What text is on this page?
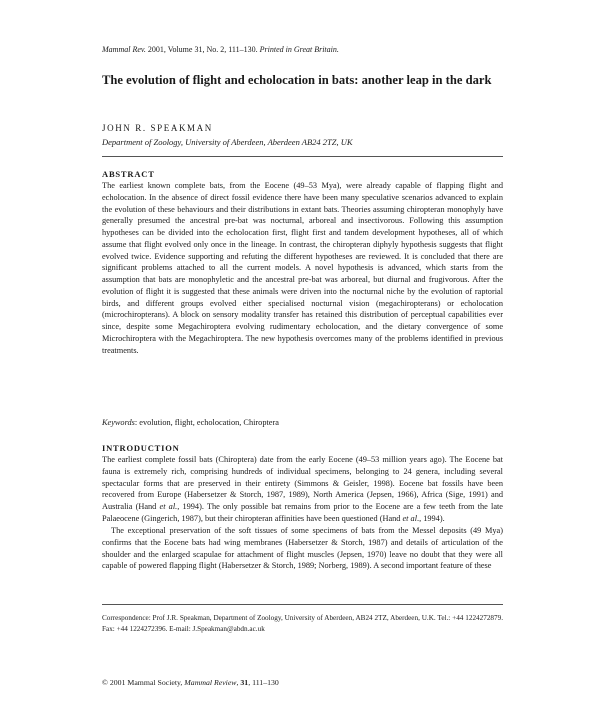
Mammal Rev. 2001, Volume 31, No. 2, 111–130. Printed in Great Britain.
The evolution of flight and echolocation in bats: another leap in the dark
JOHN R. SPEAKMAN
Department of Zoology, University of Aberdeen, Aberdeen AB24 2TZ, UK
ABSTRACT

The earliest known complete bats, from the Eocene (49–53 Mya), were already capable of flapping flight and echolocation. In the absence of direct fossil evidence there have been many speculative scenarios advanced to explain the evolution of these behaviours and their distributions in extant bats. Theories assuming chiropteran monophyly have generally presumed the ancestral pre-bat was nocturnal, arboreal and insectivorous. Following this assumption hypotheses can be divided into the echolocation first, flight first and tandem development hypotheses, all of which assume that flight evolved only once in the lineage. In contrast, the chiropteran diphyly hypothesis suggests that flight evolved twice. Evidence supporting and refuting the different hypotheses are reviewed. It is concluded that there are significant problems attached to all the current models. A novel hypothesis is advanced, which starts from the assumption that bats are monophyletic and the ancestral pre-bat was arboreal, but diurnal and frugivorous. After the evolution of flight it is suggested that these animals were driven into the nocturnal niche by the evolution of raptorial birds, and different groups evolved either specialised nocturnal vision (megachiropterans) or echolocation (microchiropterans). A block on sensory modality transfer has retained this distribution of perceptual capabilities ever since, despite some Megachiroptera evolving rudimentary echolocation, and the dietary convergence of some Microchiroptera with the Megachiroptera. The new hypothesis overcomes many of the problems identified in previous treatments.

Keywords: evolution, flight, echolocation, Chiroptera
INTRODUCTION

The earliest complete fossil bats (Chiroptera) date from the early Eocene (49–53 million years ago). The Eocene bat fauna is extremely rich, comprising hundreds of individual specimens, belonging to 24 genera, including several spectacular forms that are preserved in their entirety (Simmons & Geisler, 1998). Eocene bat fossils have been recovered from Europe (Habersetzer & Storch, 1987, 1989), North America (Jepsen, 1966), Africa (Sige, 1991) and Australia (Hand et al., 1994). The only possible bat remains from prior to the Eocene are a few teeth from the late Palaeocene (Gingerich, 1987), but their chiropteran affinities have been questioned (Hand et al., 1994).

The exceptional preservation of the soft tissues of some specimens of bats from the Messel deposits (49 Mya) confirms that the Eocene bats had wing membranes (Habersetzer & Storch, 1987) and details of articulation of the shoulder and the enlarged scapulae for attachment of flight muscles (Jepsen, 1970) leave no doubt that they were all capable of powered flapping flight (Habersetzer & Storch, 1989; Norberg, 1989). A second important feature of these

Correspondence: Prof J.R. Speakman, Department of Zoology, University of Aberdeen, AB24 2TZ, Aberdeen, U.K. Tel.: +44 1224272879. Fax: +44 1224272396. E-mail: J.Speakman@abdn.ac.uk

© 2001 Mammal Society, Mammal Review, 31, 111–130
